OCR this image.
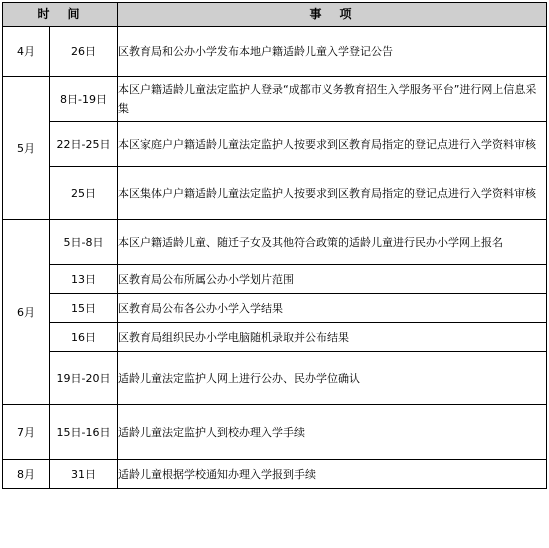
时　间		事　项
4月	26日	区教育局和公办小学发布本地户籍适龄儿童入学登记公告
5月	8日-19日	本区户籍适龄儿童法定监护人登录“成都市义务教育招生入学服务平台”进行网上信息采集
	22日-25日	本区家庭户户籍适龄儿童法定监护人按要求到区教育局指定的登记点进行入学资料审核
	25日	本区集体户户籍适龄儿童法定监护人按要求到区教育局指定的登记点进行入学资料审核
6月	5日-8日	本区户籍适龄儿童、随迁子女及其他符合政策的适龄儿童进行民办小学网上报名
	13日	区教育局公布所属公办小学划片范围
	15日	区教育局公布各公办小学入学结果
	16日	区教育局组织民办小学电脑随机录取并公布结果
	19日-20日	适龄儿童法定监护人网上进行公办、民办学位确认
7月	15日-16日	适龄儿童法定监护人到校办理入学手续
8月	31日	适龄儿童根据学校通知办理入学报到手续
